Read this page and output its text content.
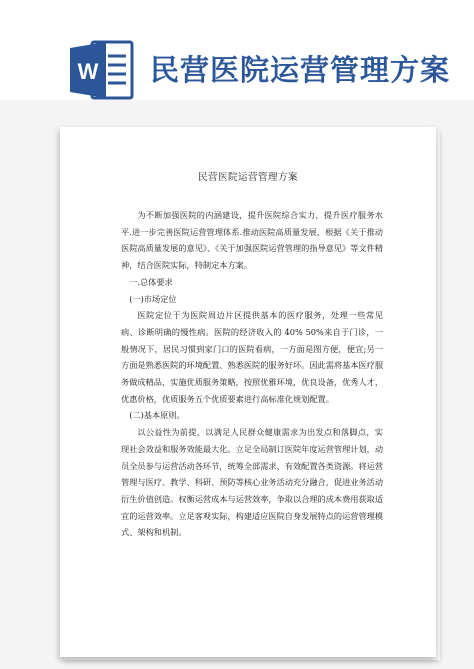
W 民营医院运营管理方案
民营医院运营管理方案

为不断加强医院的内涵建设，提升医院综合实力，提升医疗服务水平.进一步完善医院运营管理体系.推动医院高质量发展，根据《关于推动医院高质量发展的意见》、《关于加强医院运营管理的指导意见》等文件精神，结合医院实际，特制定本方案。

一.总体要求

(一)市场定位

医院定位于为医院周边片区提供基本的医疗服务，处理一些常见病、诊断明确的慢性病。医院的经济收入的 40% 50%来自于门诊，一般情况下，居民习惯到家门口的医院看病，一方面是图方便，便宜;另一方面是熟悉医院的环境配置、熟悉医院的服务好坏。因此需将基本医疗服务做成精品，实施优质服务策略，按照优雅环境，优良设备，优秀人才，优惠价格，优质服务五个优质要素进行高标准化规划配置。

(二)基本原则。

以公益性为前提，以满足人民群众健康需求为出发点和落脚点，实现社会效益和服务效能最大化。立足全局制订医院年度运营管理计划，动员全员参与运营活动各环节，统筹全部需求，有效配置各类资源。将运营管理与医疗、教学、科研、预防等核心业务活动充分融合，促进业务活动衍生价值创造。权衡运营成本与运营效率，争取以合理的成本费用获取适宜的运营效率。立足客观实际，构建适应医院自身发展特点的运营管理模式、架构和机制。
